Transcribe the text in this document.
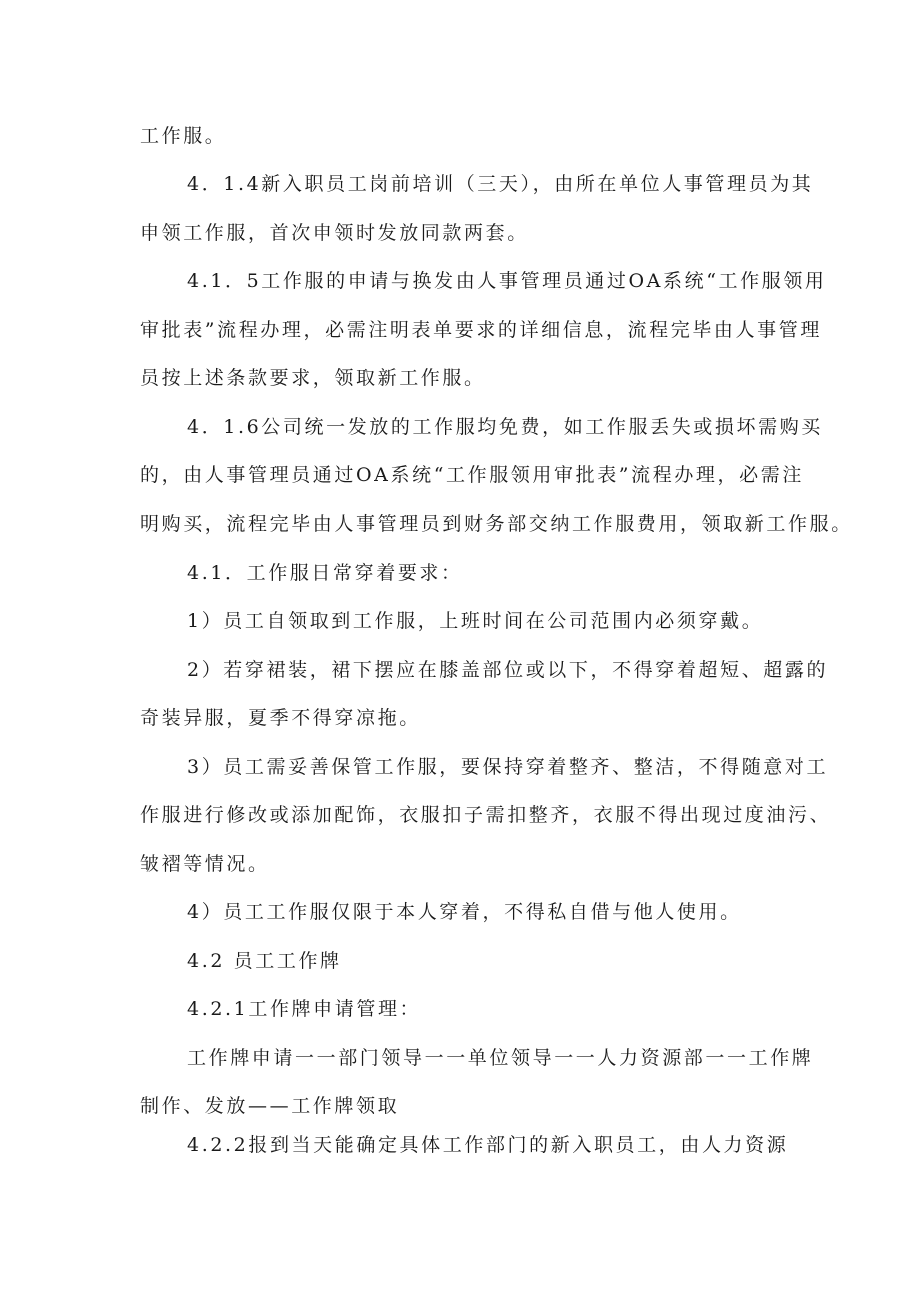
工作服。
4．1.4新入职员工岗前培训（三天），由所在单位人事管理员为其
申领工作服，首次申领时发放同款两套。
4.1．5工作服的申请与换发由人事管理员通过OA系统“工作服领用
审批表”流程办理，必需注明表单要求的详细信息，流程完毕由人事管理
员按上述条款要求，领取新工作服。
4．1.6公司统一发放的工作服均免费，如工作服丢失或损坏需购买
的，由人事管理员通过OA系统“工作服领用审批表”流程办理，必需注
明购买，流程完毕由人事管理员到财务部交纳工作服费用，领取新工作服。
4.1．工作服日常穿着要求：
1）员工自领取到工作服，上班时间在公司范围内必须穿戴。
2）若穿裙装，裙下摆应在膝盖部位或以下，不得穿着超短、超露的
奇装异服，夏季不得穿凉拖。
3）员工需妥善保管工作服，要保持穿着整齐、整洁，不得随意对工
作服进行修改或添加配饰，衣服扣子需扣整齐，衣服不得出现过度油污、
皱褶等情况。
4）员工工作服仅限于本人穿着，不得私自借与他人使用。
4.2 员工工作牌
4.2.1工作牌申请管理：
工作牌申请一一部门领导一一单位领导一一人力资源部一一工作牌
制作、发放——工作牌领取
4.2.2报到当天能确定具体工作部门的新入职员工，由人力资源
